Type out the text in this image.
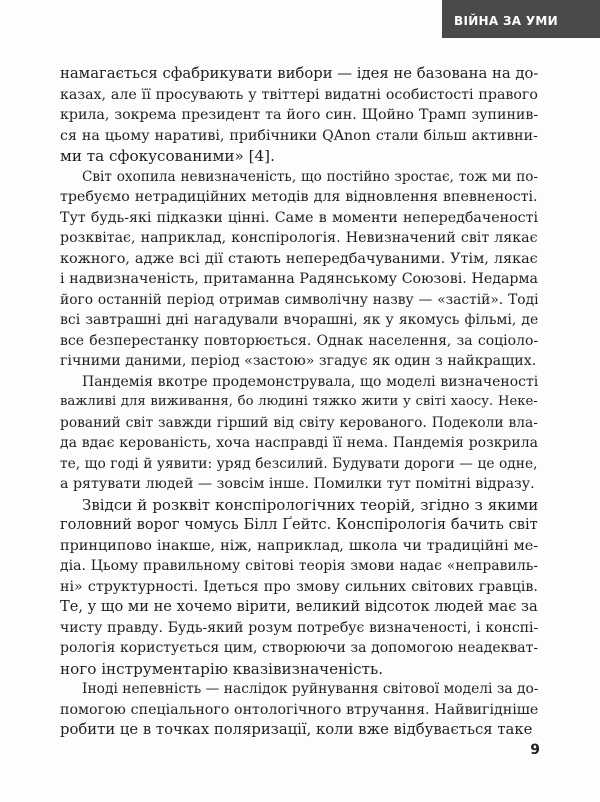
ВІЙНА ЗА УМИ
намагається сфабрикувати вибори — ідея не базована на до-
казах, але її просувають у твіттері видатні особистості правого
крила, зокрема президент та його син. Щойно Трамп зупинив-
ся на цьому наративі, прибічники QAnon стали більш активни-
ми та сфокусованими» [4].
Світ охопила невизначеність, що постійно зростає, тож ми по-
требуємо нетрадиційних методів для відновлення впевненості.
Тут будь-які підказки цінні. Саме в моменти непередбаченості
розквітає, наприклад, конспірологія. Невизначений світ лякає
кожного, адже всі дії стають непередбачуваними. Утім, лякає
і надвизначеність, притаманна Радянському Союзові. Недарма
його останній період отримав символічну назву — «застій». Тоді
всі завтрашні дні нагадували вчорашні, як у якомусь фільмі, де
все безперестанку повторюється. Однак населення, за соціоло-
гічними даними, період «застою» згадує як один з найкращих.
Пандемія вкотре продемонструвала, що моделі визначеності
важливі для виживання, бо людині тяжко жити у світі хаосу. Неке-
рований світ завжди гірший від світу керованого. Подеколи вла-
да вдає керованість, хоча насправді її нема. Пандемія розкрила
те, що годі й уявити: уряд безсилий. Будувати дороги — це одне,
а рятувати людей — зовсім інше. Помилки тут помітні відразу.
Звідси й розквіт конспірологічних теорій, згідно з якими
головний ворог чомусь Білл Ґейтс. Конспірологія бачить світ
принципово інакше, ніж, наприклад, школа чи традиційні ме-
діа. Цьому правильному світові теорія змови надає «неправиль-
ні» структурності. Ідеться про змову сильних світових гравців.
Те, у що ми не хочемо вірити, великий відсоток людей має за
чисту правду. Будь-який розум потребує визначеності, і конспі-
рологія користується цим, створюючи за допомогою неадекват-
ного інструментарію квазівизначеність.
Іноді непевність — наслідок руйнування світової моделі за до-
помогою спеціального онтологічного втручання. Найвигідніше
робити це в точках поляризації, коли вже відбувається таке
9
